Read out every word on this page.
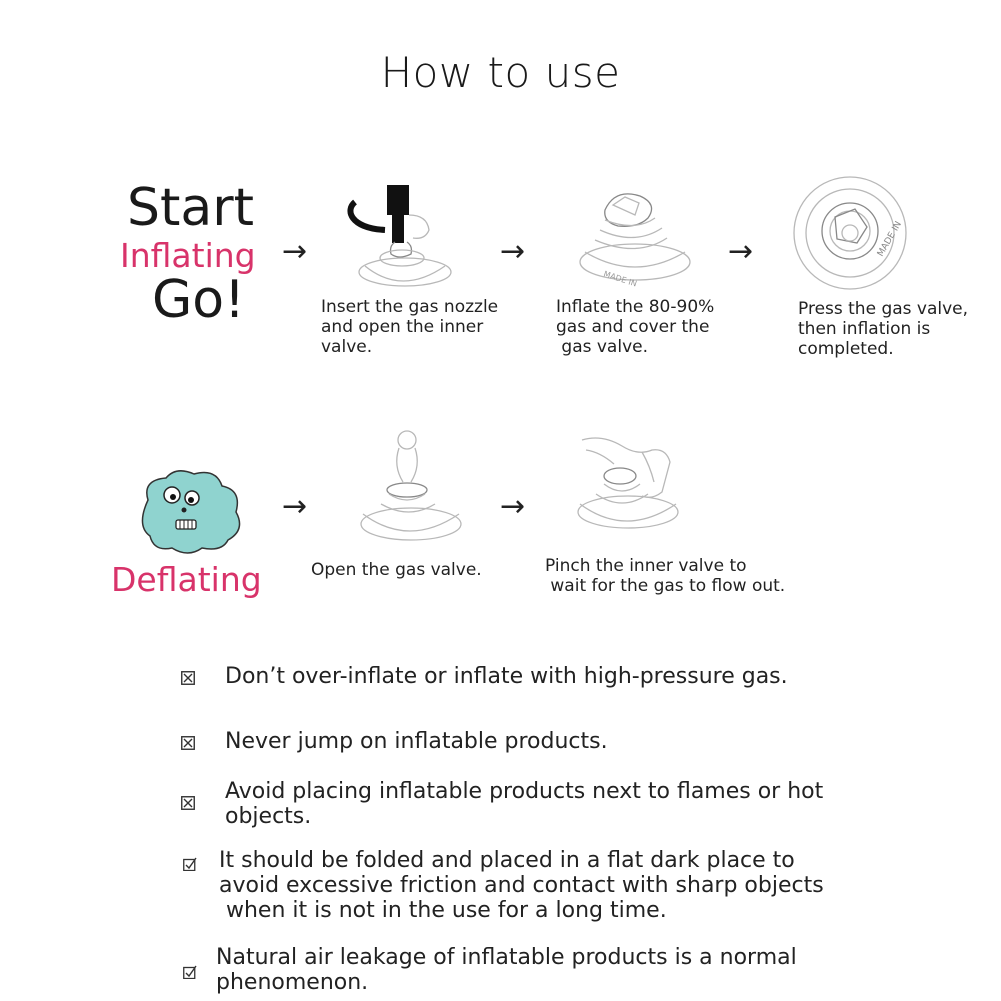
How to use
Start
Inflating
Go!
→	→	→
Insert the gas nozzle
and open the inner
valve.
MADE IN
Inflate the 80-90%
gas and cover the
gas valve.
MADE IN
Press the gas valve,
then inflation is
completed.
Deflating
→	→
Open the gas valve.	Pinch the inner valve to
wait for the gas to flow out.
Don’t over-inflate or inflate with high-pressure gas.
Never jump on inflatable products.
Avoid placing inflatable products next to flames or hot
objects.
It should be folded and placed in a flat dark place to
avoid excessive friction and contact with sharp objects
when it is not in the use for a long time.
Natural air leakage of inflatable products is a normal
phenomenon.
